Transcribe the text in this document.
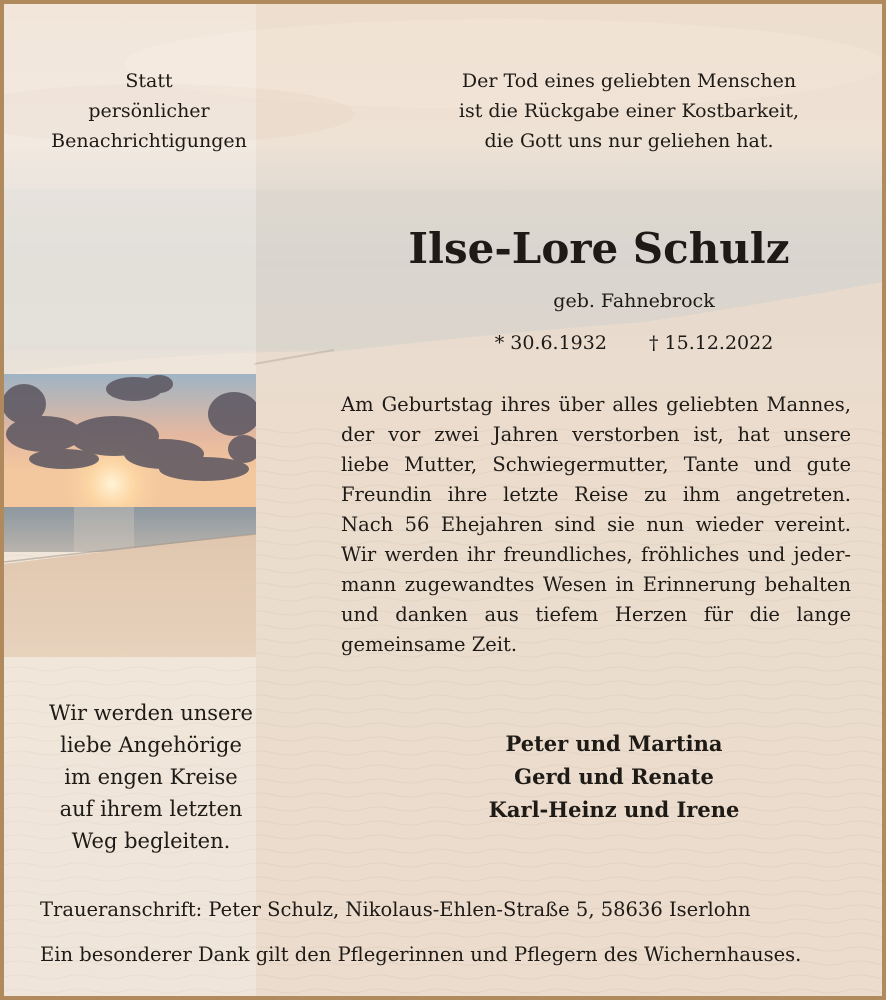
Statt
persönlicher
Benachrichtigungen
Der Tod eines geliebten Menschen
ist die Rückgabe einer Kostbarkeit,
die Gott uns nur geliehen hat.
Ilse-Lore Schulz
geb. Fahnebrock
* 30.6.1932 † 15.12.2022
Am Geburtstag ihres über alles geliebten Mannes,
der vor zwei Jahren verstorben ist, hat unsere
liebe Mutter, Schwiegermutter, Tante und gute
Freundin ihre letzte Reise zu ihm angetreten.
Nach 56 Ehejahren sind sie nun wieder vereint.
Wir werden ihr freundliches, fröhliches und jeder-
mann zugewandtes Wesen in Erinnerung behalten
und danken aus tiefem Herzen für die lange
gemeinsame Zeit.
Wir werden unsere
liebe Angehörige
im engen Kreise
auf ihrem letzten
Weg begleiten.
Peter und Martina
Gerd und Renate
Karl-Heinz und Irene
Traueranschrift: Peter Schulz, Nikolaus-Ehlen-Straße 5, 58636 Iserlohn
Ein besonderer Dank gilt den Pflegerinnen und Pflegern des Wichernhauses.
